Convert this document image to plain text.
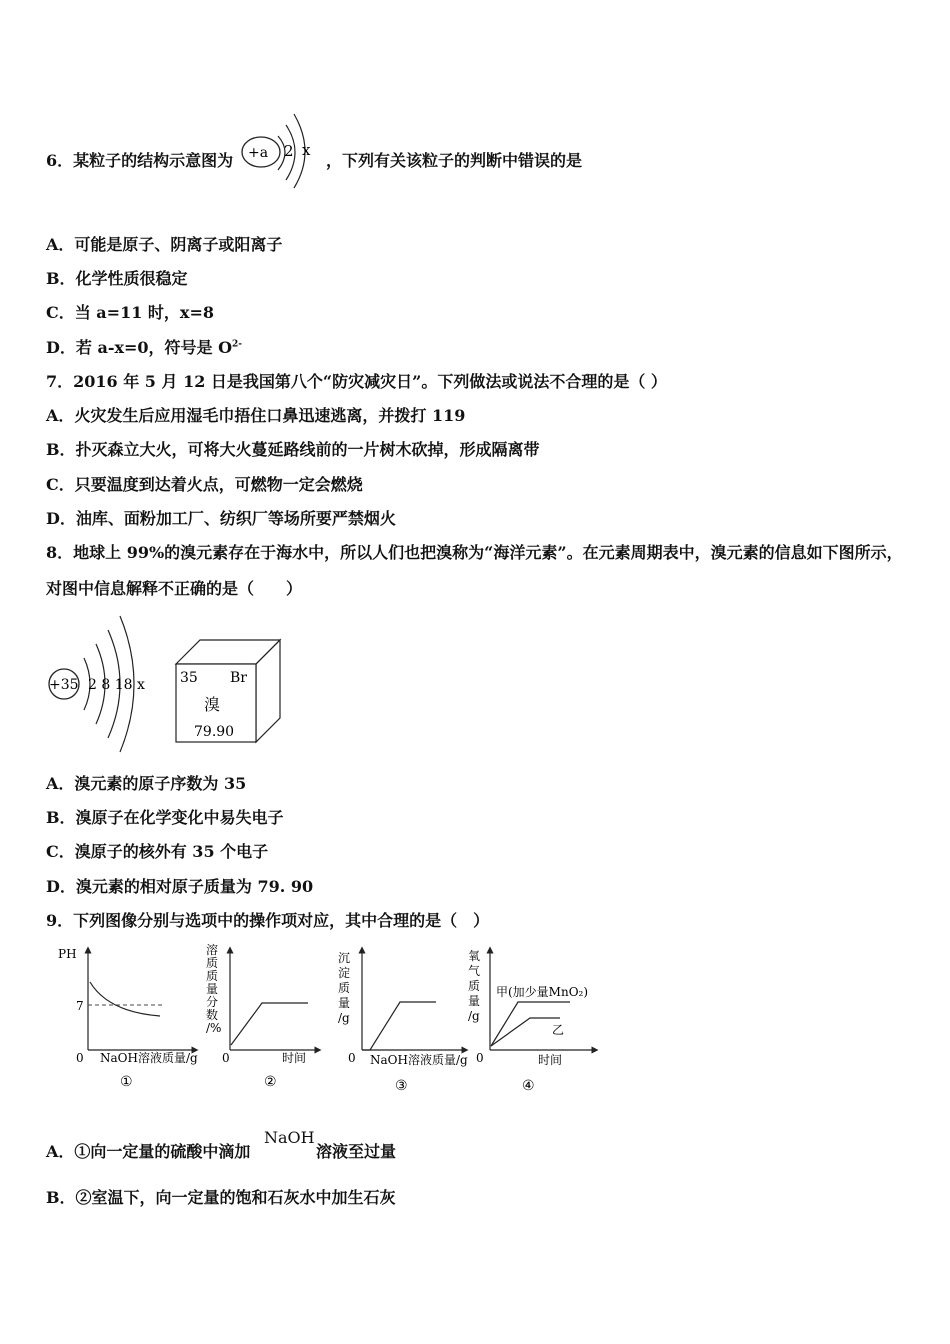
6．某粒子的结构示意图为 +a 2 x
，下列有关该粒子的判断中错误的是
A．可能是原子、阴离子或阳离子
B．化学性质很稳定
C．当 a=11 时，x=8
D．若 a-x=0，符号是 $O^{2-}$
7．2016 年 5 月 12 日是我国第八个“防灾减灾日”。下列做法或说法不合理的是（ ）
A．火灾发生后应用湿毛巾捂住口鼻迅速逃离，并拨打 119
B．扑灭森立大火，可将大火蔓延路线前的一片树木砍掉，形成隔离带
C．只要温度到达着火点，可燃物一定会燃烧
D．油库、面粉加工厂、纺织厂等场所要严禁烟火
8．地球上 99%的溴元素存在于海水中，所以人们也把溴称为“海洋元素”。在元素周期表中，溴元素的信息如下图所示，对图中信息解释不正确的是（　　）
+35 2 8 18 x	35 Br
溴
79.90
A．溴元素的原子序数为 35
B．溴原子在化学变化中易失电子
C．溴原子的核外有 35 个电子
D．溴元素的相对原子质量为 79. 90
9．下列图像分别与选项中的操作项对应，其中合理的是（　）
PH
7
0 NaOH溶液质量/g
①
溶质质量分数/%
0	时间
②
沉淀质量/g
0 NaOH溶液质量/g
③
氧气质量/g
甲(加少量MnO₂)
乙
0	时间
④
A．①向一定量的硫酸中滴加
NaOH
溶液至过量
B．②室温下，向一定量的饱和石灰水中加生石灰
